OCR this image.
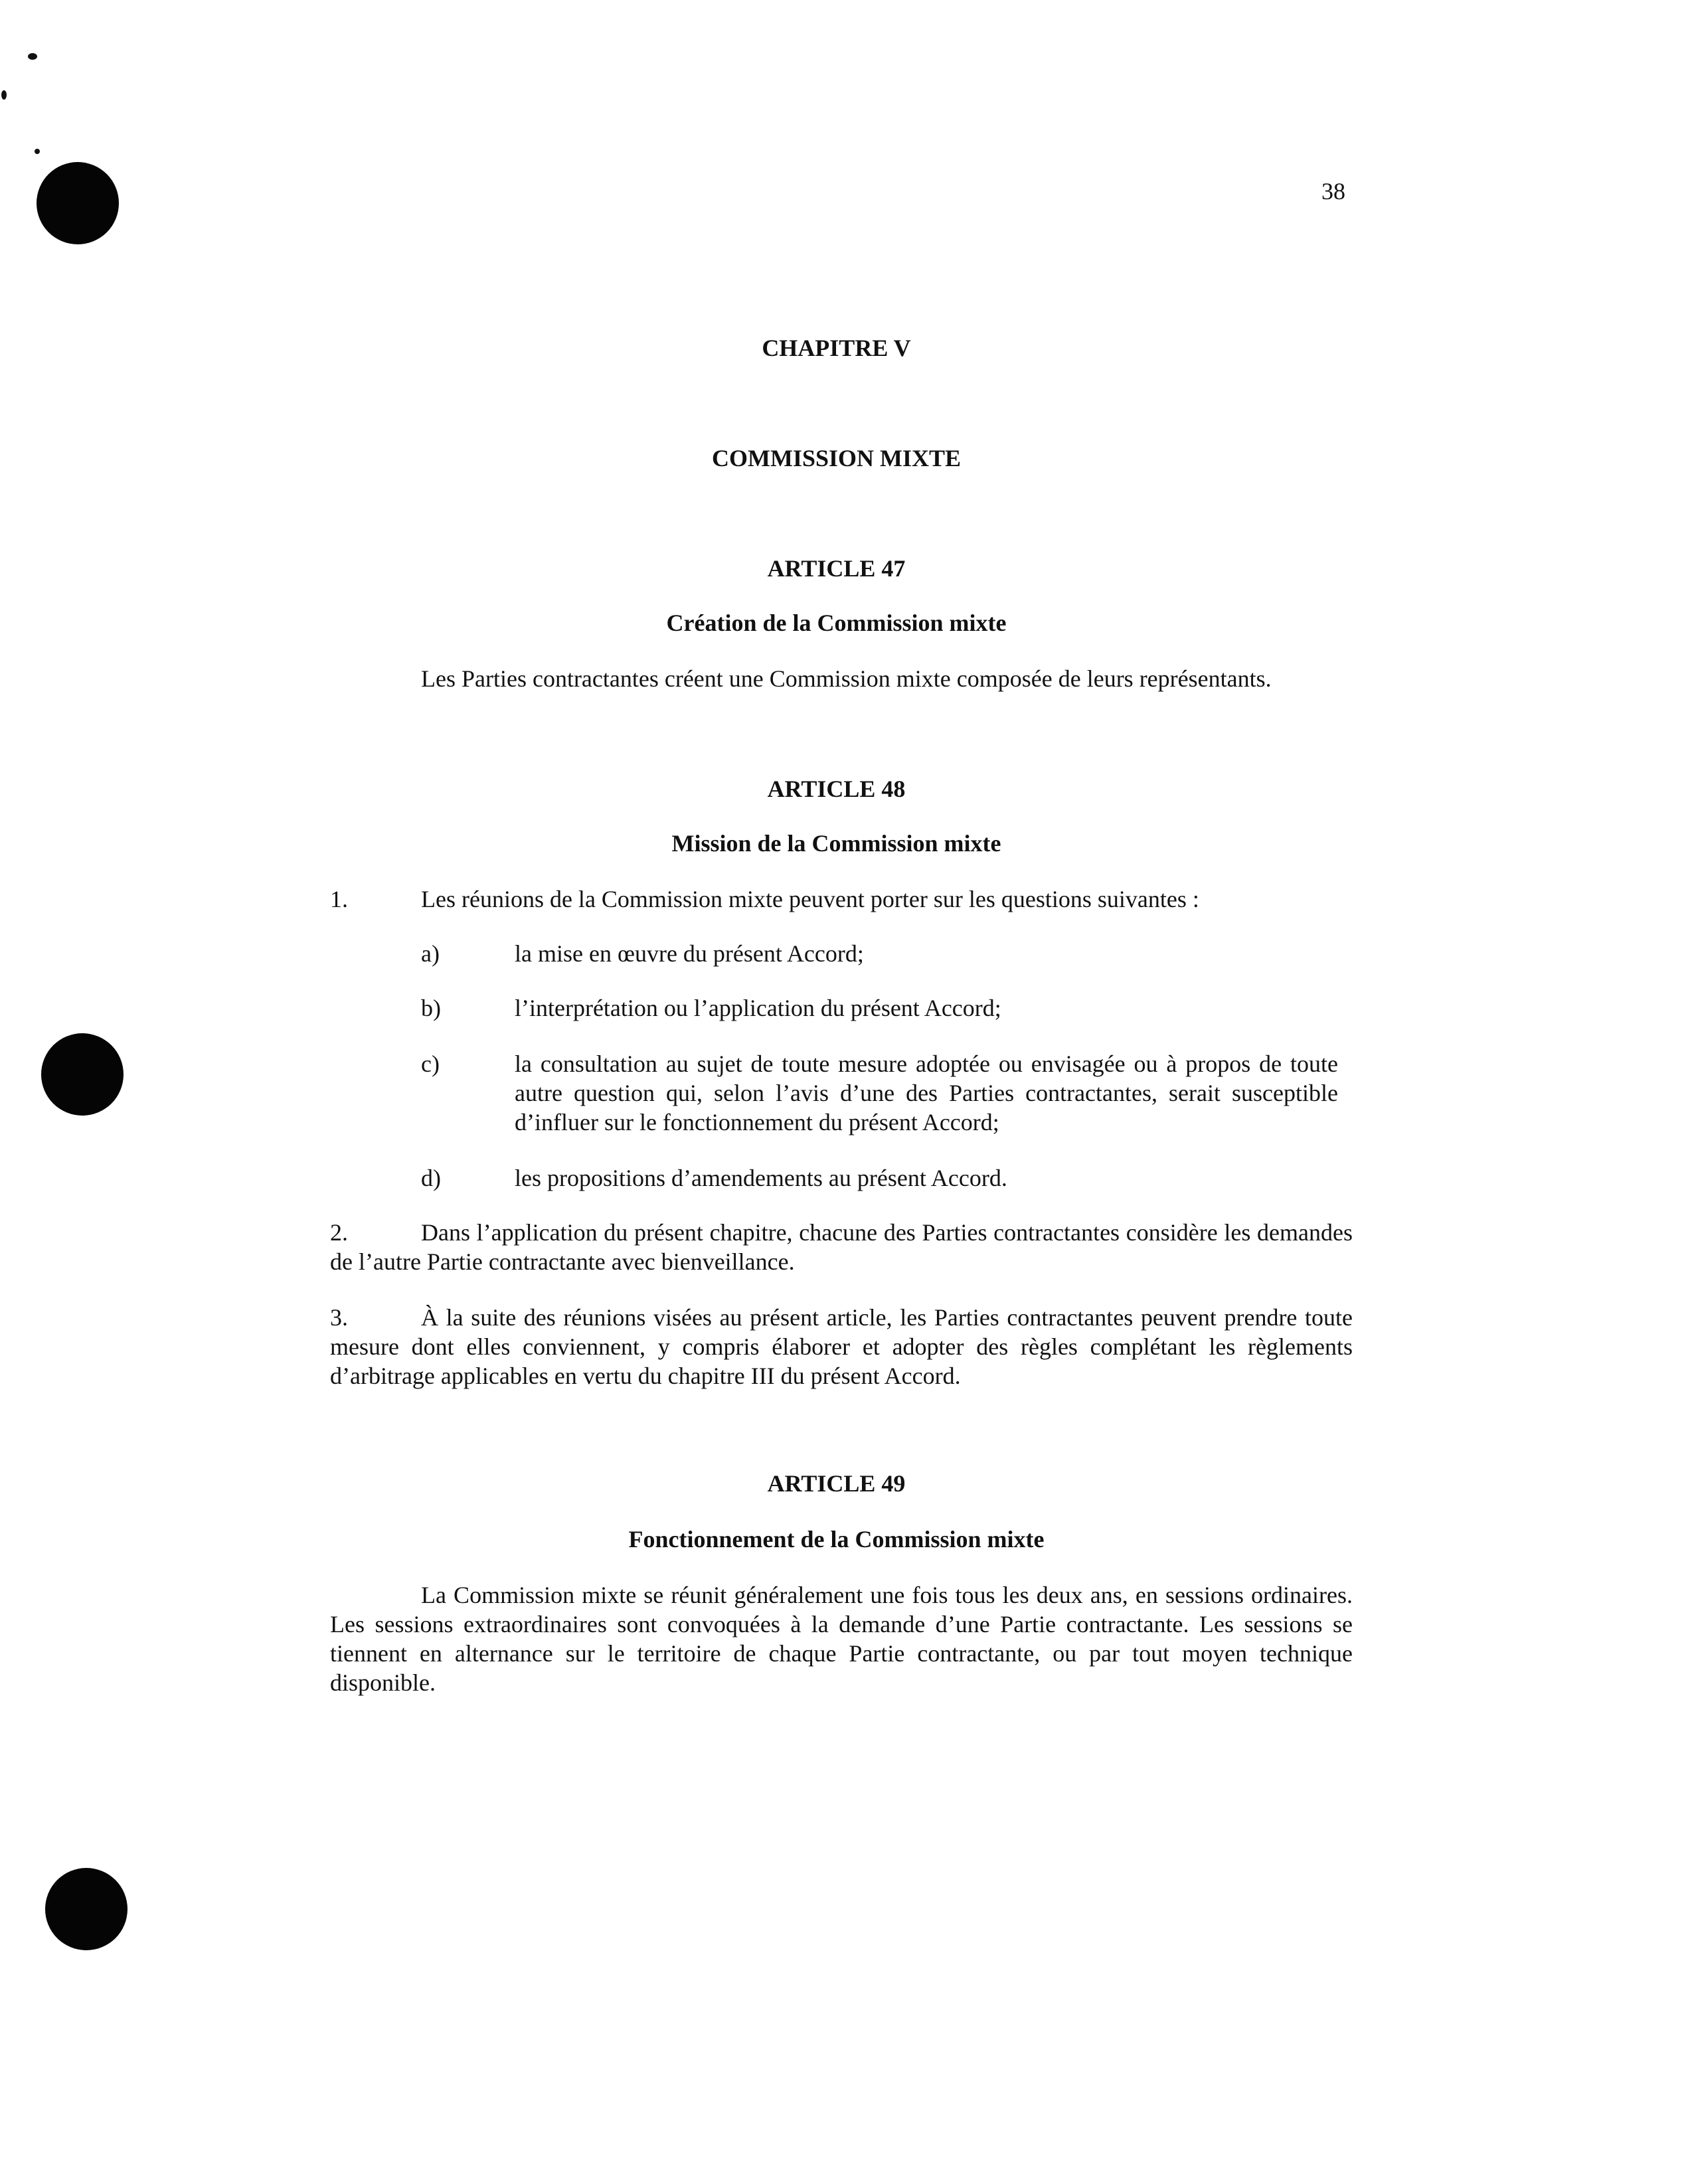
38
CHAPITRE V
COMMISSION MIXTE
ARTICLE 47
Création de la Commission mixte
Les Parties contractantes créent une Commission mixte composée de leurs représentants.
ARTICLE 48
Mission de la Commission mixte
1.	Les réunions de la Commission mixte peuvent porter sur les questions suivantes :
a)	la mise en œuvre du présent Accord;
b)	l’interprétation ou l’application du présent Accord;
c)	la consultation au sujet de toute mesure adoptée ou envisagée ou à propos de toute autre question qui, selon l’avis d’une des Parties contractantes, serait susceptible d’influer sur le fonctionnement du présent Accord;
d)	les propositions d’amendements au présent Accord.
2.	Dans l’application du présent chapitre, chacune des Parties contractantes considère les demandes de l’autre Partie contractante avec bienveillance.
3.	À la suite des réunions visées au présent article, les Parties contractantes peuvent prendre toute mesure dont elles conviennent, y compris élaborer et adopter des règles complétant les règlements d’arbitrage applicables en vertu du chapitre III du présent Accord.
ARTICLE 49
Fonctionnement de la Commission mixte
La Commission mixte se réunit généralement une fois tous les deux ans, en sessions ordinaires. Les sessions extraordinaires sont convoquées à la demande d’une Partie contractante. Les sessions se tiennent en alternance sur le territoire de chaque Partie contractante, ou par tout moyen technique disponible.
